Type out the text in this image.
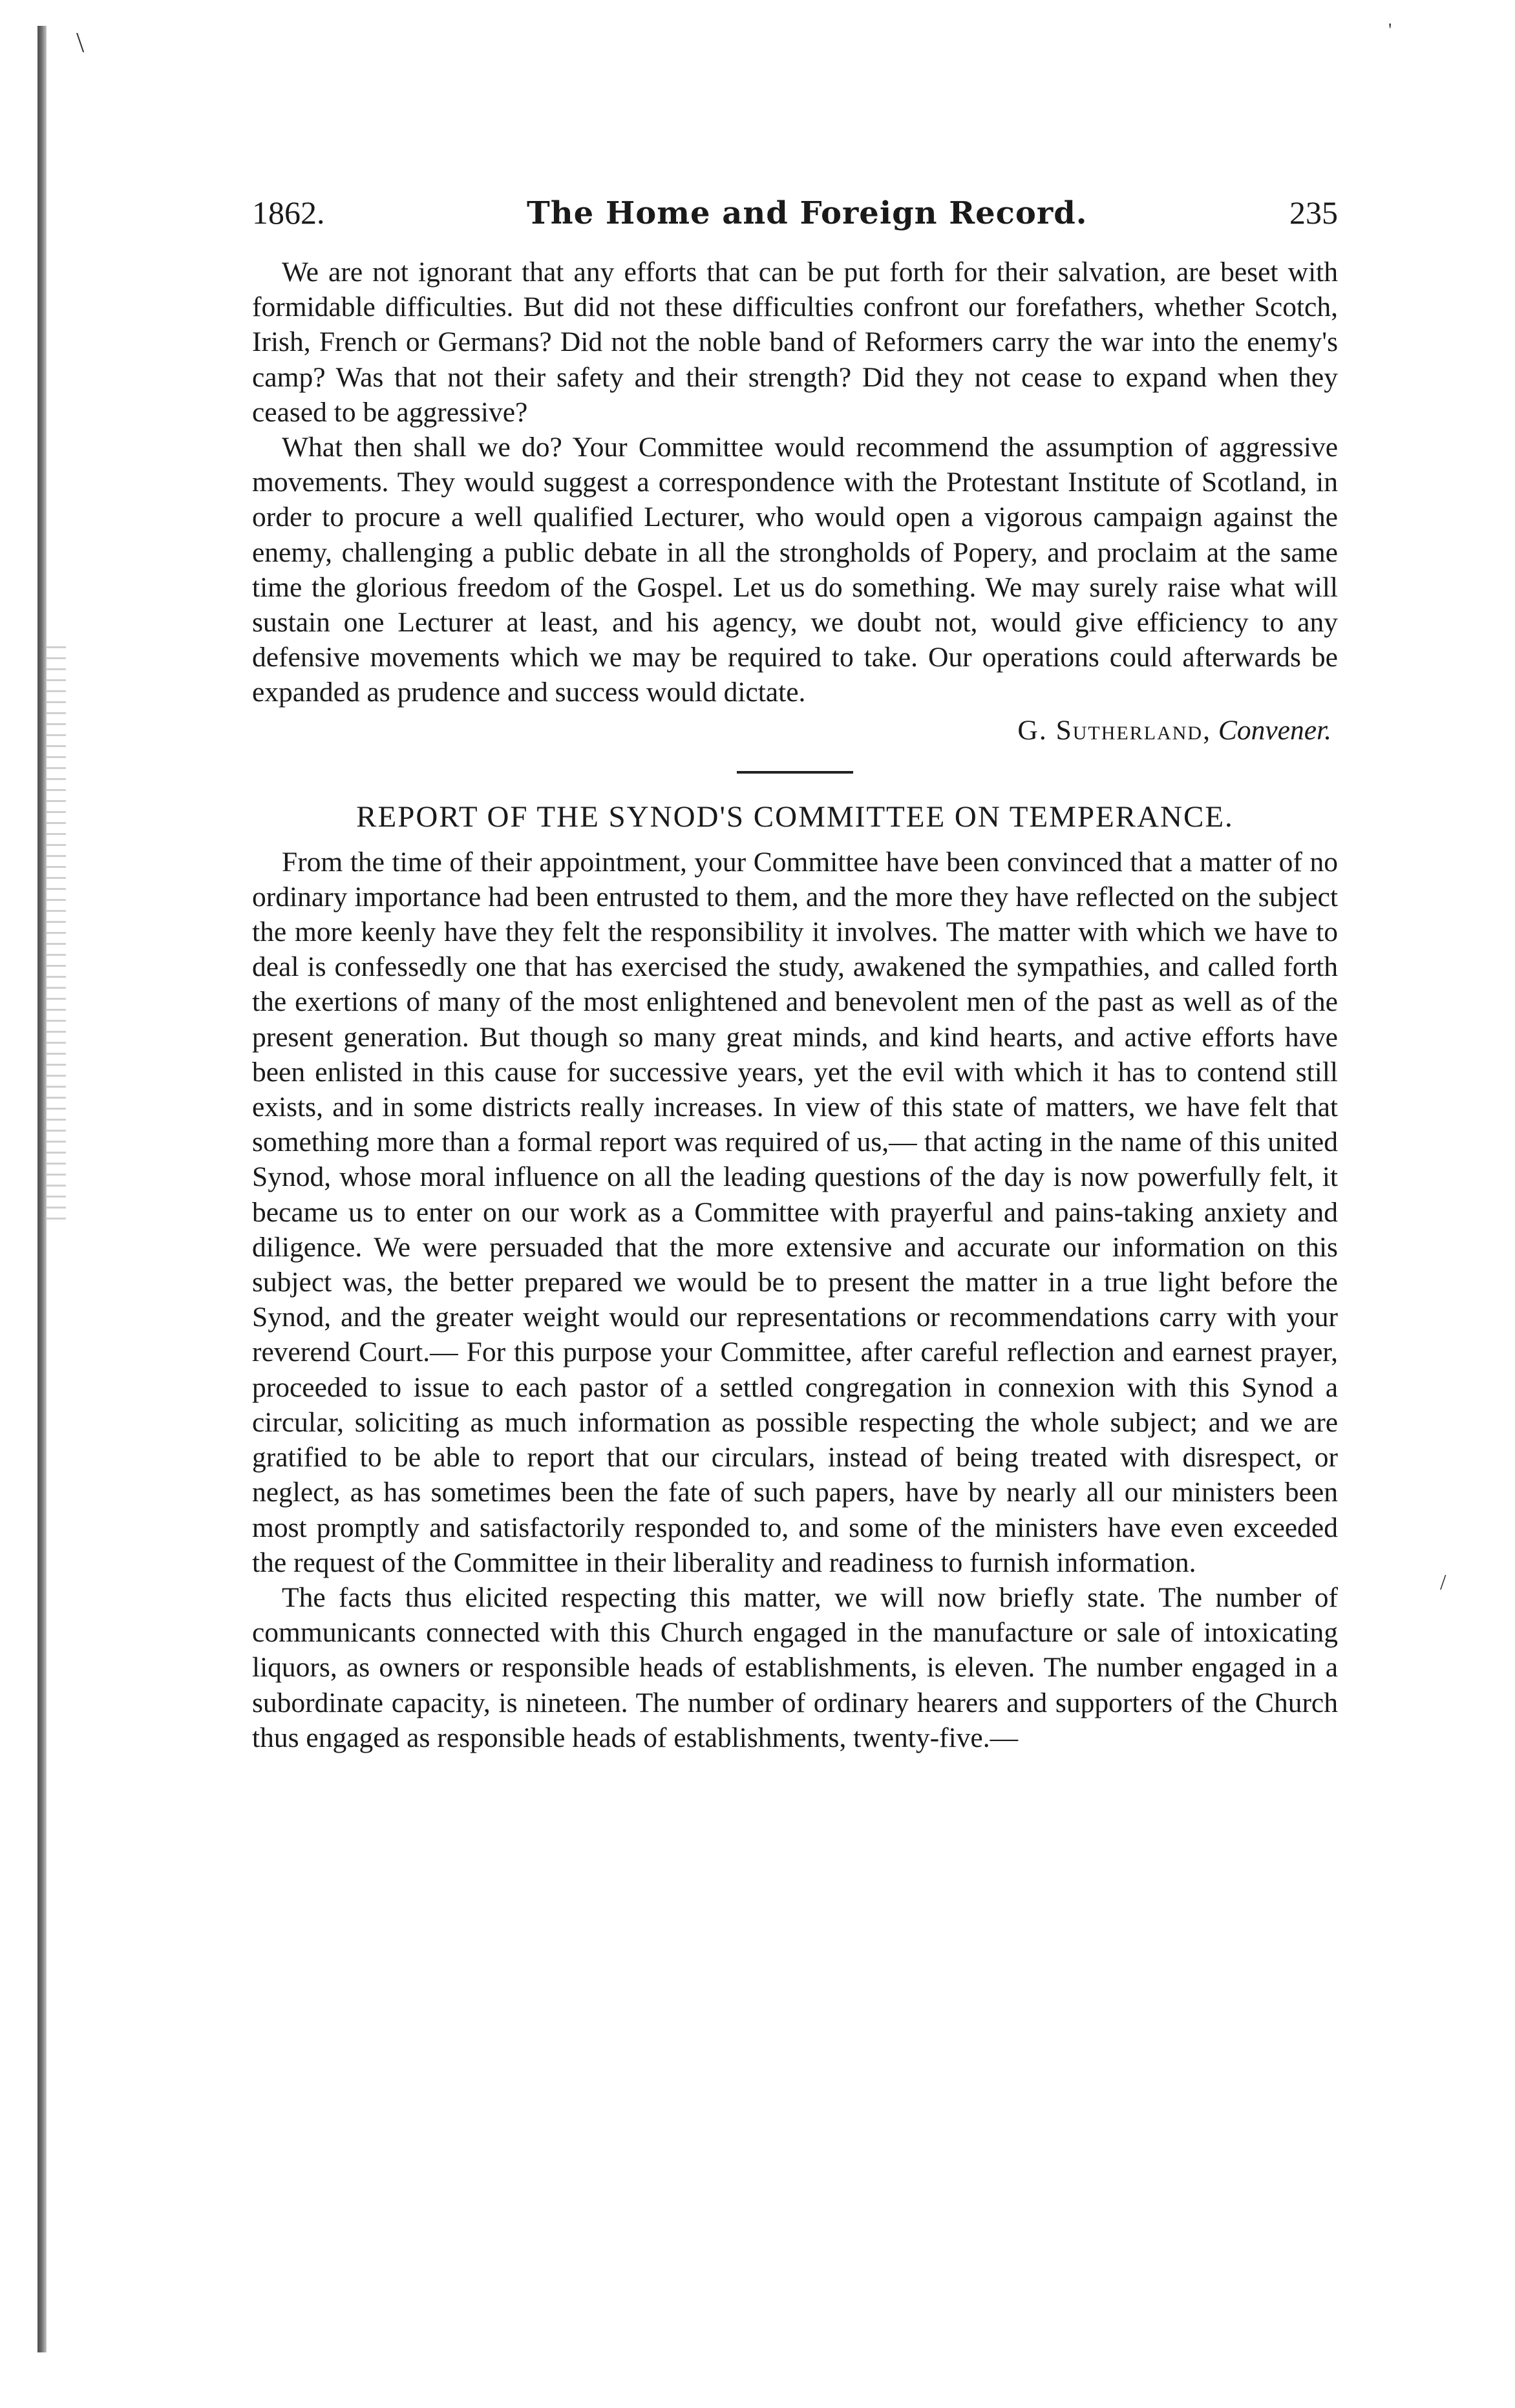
\	'
/
1862.	The Home and Foreign Record.	235

We are not ignorant that any efforts that can be put forth for their salvation, are beset with formidable difficulties. But did not these difficulties confront our forefathers, whether Scotch, Irish, French or Germans? Did not the noble band of Reformers carry the war into the enemy's camp? Was that not their safety and their strength? Did they not cease to expand when they ceased to be aggressive?

What then shall we do? Your Committee would recommend the assumption of aggressive movements. They would suggest a correspondence with the Protestant Institute of Scotland, in order to procure a well qualified Lecturer, who would open a vigorous campaign against the enemy, challenging a public debate in all the strongholds of Popery, and proclaim at the same time the glorious freedom of the Gospel. Let us do something. We may surely raise what will sustain one Lecturer at least, and his agency, we doubt not, would give efficiency to any defensive movements which we may be required to take. Our operations could afterwards be expanded as prudence and success would dictate.

G. Sutherland, Convener.
REPORT OF THE SYNOD'S COMMITTEE ON TEMPERANCE.

From the time of their appointment, your Committee have been convinced that a matter of no ordinary importance had been entrusted to them, and the more they have reflected on the subject the more keenly have they felt the responsibility it involves. The matter with which we have to deal is confessedly one that has exercised the study, awakened the sympathies, and called forth the exertions of many of the most enlightened and benevolent men of the past as well as of the present generation. But though so many great minds, and kind hearts, and active efforts have been enlisted in this cause for successive years, yet the evil with which it has to contend still exists, and in some districts really increases. In view of this state of matters, we have felt that something more than a formal report was required of us,— that acting in the name of this united Synod, whose moral influence on all the leading questions of the day is now powerfully felt, it became us to enter on our work as a Committee with prayerful and pains-taking anxiety and diligence. We were persuaded that the more extensive and accurate our information on this subject was, the better prepared we would be to present the matter in a true light before the Synod, and the greater weight would our representations or recommendations carry with your reverend Court.— For this purpose your Committee, after careful reflection and earnest prayer, proceeded to issue to each pastor of a settled congregation in connexion with this Synod a circular, soliciting as much information as possible respecting the whole subject; and we are gratified to be able to report that our circulars, instead of being treated with disrespect, or neglect, as has sometimes been the fate of such papers, have by nearly all our ministers been most promptly and satisfactorily responded to, and some of the ministers have even exceeded the request of the Committee in their liberality and readiness to furnish information.

The facts thus elicited respecting this matter, we will now briefly state. The number of communicants connected with this Church engaged in the manufacture or sale of intoxicating liquors, as owners or responsible heads of establishments, is eleven. The number engaged in a subordinate capacity, is nineteen. The number of ordinary hearers and supporters of the Church thus engaged as responsible heads of establishments, twenty-five.—
